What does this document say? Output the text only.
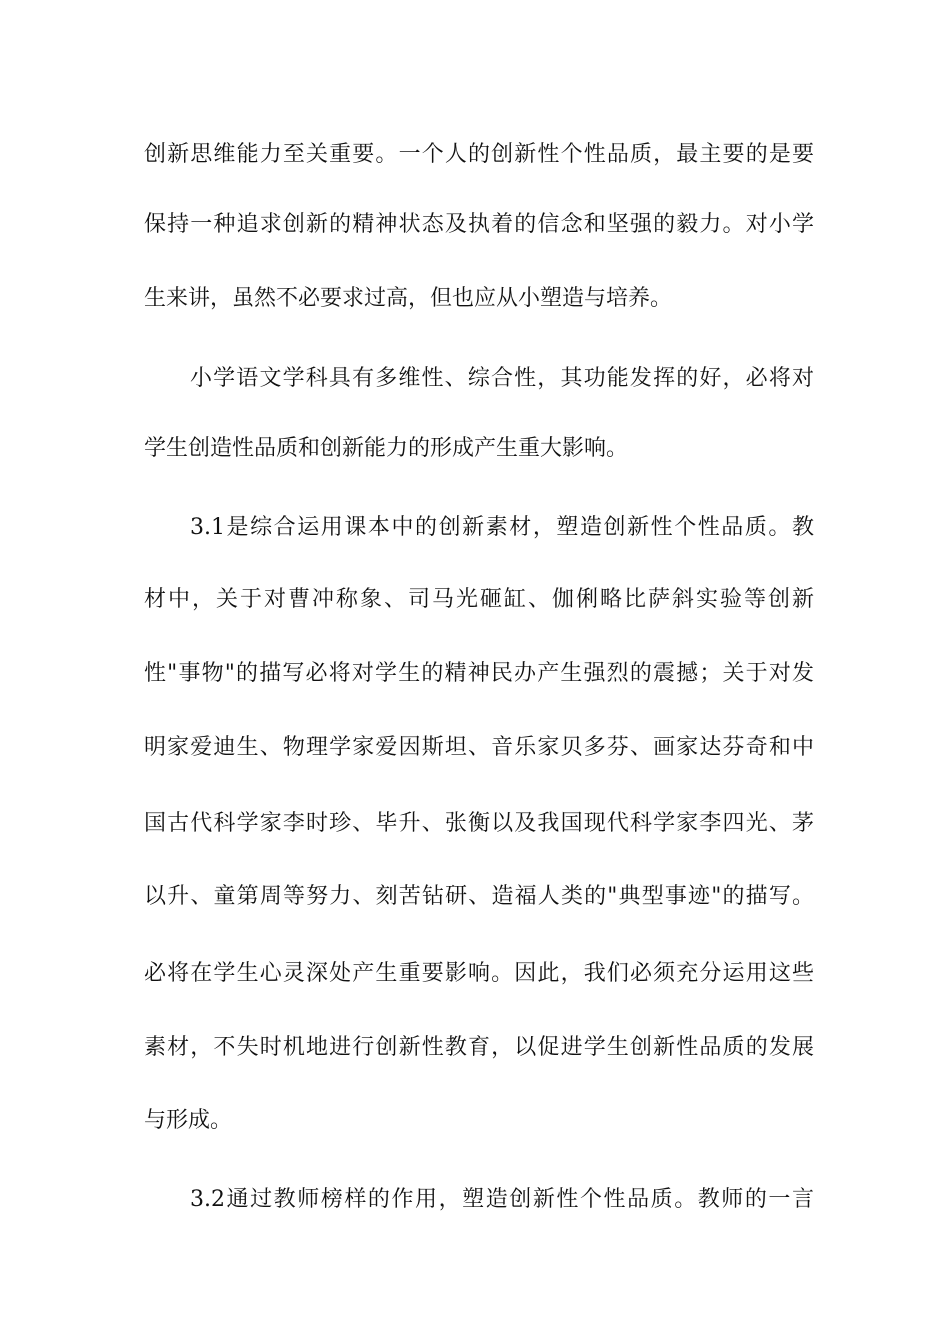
创新思维能力至关重要。一个人的创新性个性品质，最主要的是要
保持一种追求创新的精神状态及执着的信念和坚强的毅力。对小学
生来讲，虽然不必要求过高，但也应从小塑造与培养。
小学语文学科具有多维性、综合性，其功能发挥的好，必将对
学生创造性品质和创新能力的形成产生重大影响。
3.1是综合运用课本中的创新素材，塑造创新性个性品质。教
材中，关于对曹冲称象、司马光砸缸、伽俐略比萨斜实验等创新
性"事物"的描写必将对学生的精神民办产生强烈的震撼；关于对发
明家爱迪生、物理学家爱因斯坦、音乐家贝多芬、画家达芬奇和中
国古代科学家李时珍、毕升、张衡以及我国现代科学家李四光、茅
以升、童第周等努力、刻苦钻研、造福人类的"典型事迹"的描写。
必将在学生心灵深处产生重要影响。因此，我们必须充分运用这些
素材，不失时机地进行创新性教育，以促进学生创新性品质的发展
与形成。
3.2通过教师榜样的作用，塑造创新性个性品质。教师的一言
